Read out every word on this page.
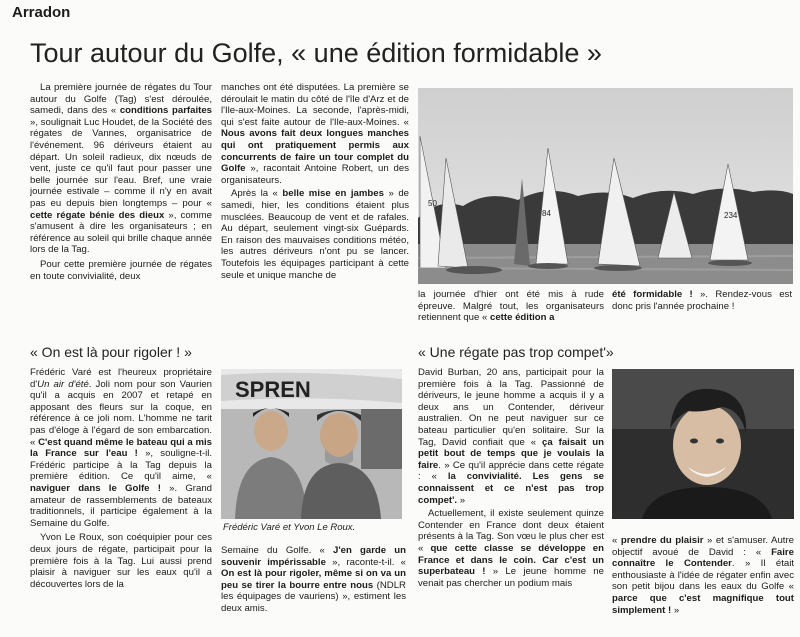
Arradon
Tour autour du Golfe, « une édition formidable »

La première journée de régates du Tour autour du Golfe (Tag) s'est déroulée, samedi, dans des « conditions parfaites », soulignait Luc Houdet, de la Société des régates de Vannes, organisatrice de l'événement. 96 dériveurs étaient au départ. Un soleil radieux, dix nœuds de vent, juste ce qu'il faut pour passer une belle journée sur l'eau. Bref, une vraie journée estivale – comme il n'y en avait pas eu depuis bien longtemps – pour « cette régate bénie des dieux », comme s'amusent à dire les organisateurs ; en référence au soleil qui brille chaque année lors de la Tag.

Pour cette première journée de régates en toute convivialité, deux

manches ont été disputées. La première se déroulait le matin du côté de l'île d'Arz et de l'Ile-aux-Moines. La seconde, l'après-midi, qui s'est faite autour de l'Ile-aux-Moines. « Nous avons fait deux longues manches qui ont pratiquement permis aux concurrents de faire un tour complet du Golfe », racontait Antoine Robert, un des organisateurs.

Après la « belle mise en jambes » de samedi, hier, les conditions étaient plus musclées. Beaucoup de vent et de rafales. Au départ, seulement vingt-six Guépards. En raison des mauvaises conditions météo, les autres dériveurs n'ont pu se lancer. Toutefois les équipages participant à cette seule et unique manche de

50
84	234

la journée d'hier ont été mis à rude épreuve. Malgré tout, les organisateurs retiennent que « cette édition a

été formidable ! ». Rendez-vous est donc pris l'année prochaine !

« On est là pour rigoler ! »	« Une régate pas trop compet'»

Frédéric Varé est l'heureux propriétaire d'Un air d'été. Joli nom pour son Vaurien qu'il a acquis en 2007 et retapé en apposant des fleurs sur la coque, en référence à ce joli nom. L'homme ne tarit pas d'éloge à l'égard de son embarcation. « C'est quand même le bateau qui a mis la France sur l'eau ! », souligne-t-il. Frédéric participe à la Tag depuis la première édition. Ce qu'il aime, « naviguer dans le Golfe ! ». Grand amateur de rassemblements de bateaux traditionnels, il participe également à la Semaine du Golfe.

Yvon Le Roux, son coéquipier pour ces deux jours de régate, participait pour la première fois à la Tag. Lui aussi prend plaisir à naviguer sur les eaux qu'il a découvertes lors de la

SPREN
Frédéric Varé et Yvon Le Roux.

Semaine du Golfe. « J'en garde un souvenir impérissable », raconte-t-il. « On est là pour rigoler, même si on va un peu se tirer la bourre entre nous (NDLR les équipages de vauriens) », estiment les deux amis.

David Burban, 20 ans, participait pour la première fois à la Tag. Passionné de dériveurs, le jeune homme a acquis il y a deux ans un Contender, dériveur australien. On ne peut naviguer sur ce bateau particulier qu'en solitaire. Sur la Tag, David confiait que « ça faisait un petit bout de temps que je voulais la faire. » Ce qu'il apprécie dans cette régate : « la convivialité. Les gens se connaissent et ce n'est pas trop compet'. »

Actuellement, il existe seulement quinze Contender en France dont deux étaient présents à la Tag. Son vœu le plus cher est « que cette classe se développe en France et dans le coin. Car c'est un superbateau ! » Le jeune homme ne venait pas chercher un podium mais

« prendre du plaisir » et s'amuser. Autre objectif avoué de David : « Faire connaître le Contender. » Il était enthousiaste à l'idée de régater enfin avec son petit bijou dans les eaux du Golfe « parce que c'est magnifique tout simplement ! »
